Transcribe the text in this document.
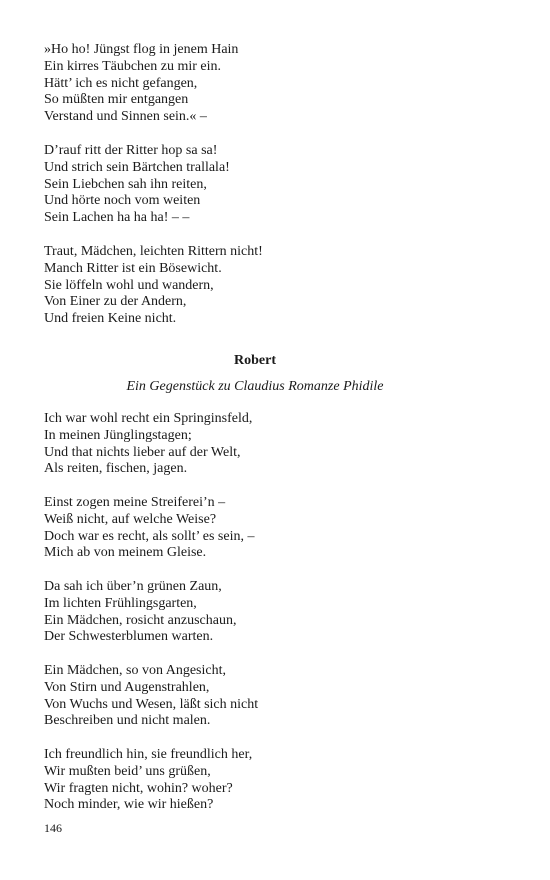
»Ho ho! Jüngst flog in jenem Hain
Ein kirres Täubchen zu mir ein.
Hätt’ ich es nicht gefangen,
So müßten mir entgangen
Verstand und Sinnen sein.« –
D’rauf ritt der Ritter hop sa sa!
Und strich sein Bärtchen trallala!
Sein Liebchen sah ihn reiten,
Und hörte noch vom weiten
Sein Lachen ha ha ha! – –
Traut, Mädchen, leichten Rittern nicht!
Manch Ritter ist ein Bösewicht.
Sie löffeln wohl und wandern,
Von Einer zu der Andern,
Und freien Keine nicht.
Robert
Ein Gegenstück zu Claudius Romanze Phidile
Ich war wohl recht ein Springinsfeld,
In meinen Jünglingstagen;
Und that nichts lieber auf der Welt,
Als reiten, fischen, jagen.
Einst zogen meine Streiferei’n –
Weiß nicht, auf welche Weise?
Doch war es recht, als sollt’ es sein, –
Mich ab von meinem Gleise.
Da sah ich über’n grünen Zaun,
Im lichten Frühlingsgarten,
Ein Mädchen, rosicht anzuschaun,
Der Schwesterblumen warten.
Ein Mädchen, so von Angesicht,
Von Stirn und Augenstrahlen,
Von Wuchs und Wesen, läßt sich nicht
Beschreiben und nicht malen.
Ich freundlich hin, sie freundlich her,
Wir mußten beid’ uns grüßen,
Wir fragten nicht, wohin? woher?
Noch minder, wie wir hießen?
146
